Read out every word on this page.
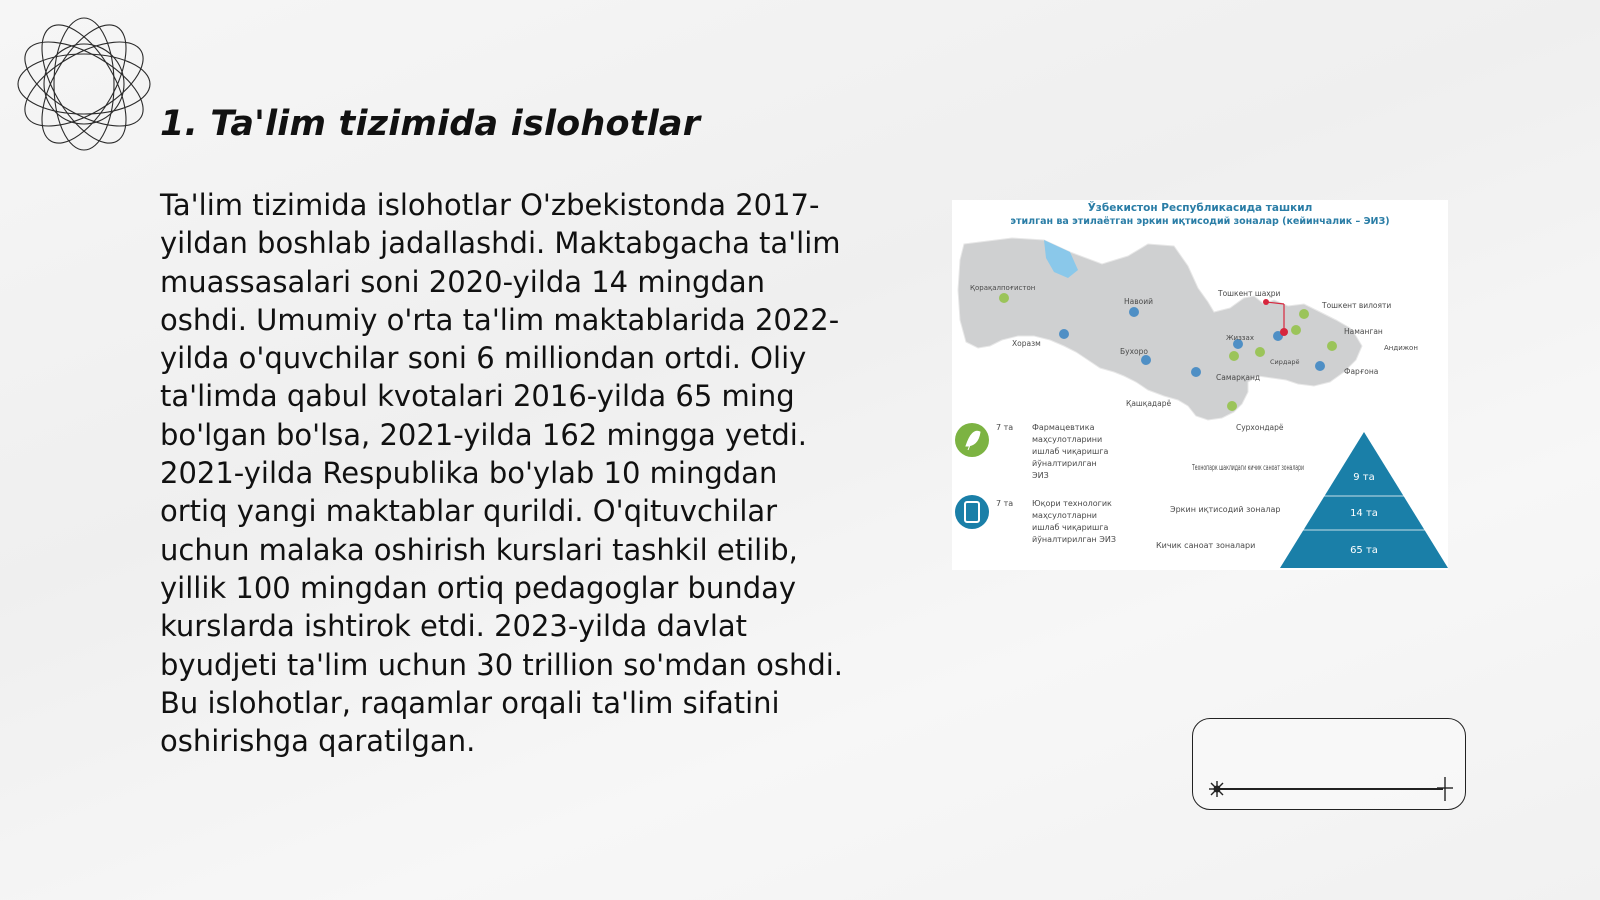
1. Ta'lim tizimida islohotlar

Ta'lim tizimida islohotlar O'zbekistonda 2017-yildan boshlab jadallashdi. Maktabgacha ta'lim muassasalari soni 2020-yilda 14 mingdan oshdi. Umumiy o'rta ta'lim maktablarida 2022-yilda o'quvchilar soni 6 milliondan ortdi. Oliy ta'limda qabul kvotalari 2016-yilda 65 ming bo'lgan bo'lsa, 2021-yilda 162 mingga yetdi. 2021-yilda Respublika bo'ylab 10 mingdan ortiq yangi maktablar qurildi. O'qituvchilar uchun malaka oshirish kurslari tashkil etilib, yillik 100 mingdan ortiq pedagoglar bunday kurslarda ishtirok etdi. 2023-yilda davlat byudjeti ta'lim uchun 30 trillion so'mdan oshdi. Bu islohotlar, raqamlar orqali ta'lim sifatini oshirishga qaratilgan.

Ўзбекистон Республикасида ташкил
этилган ва этилаётган эркин иқтисодий зоналар (кейинчалик – ЭИЗ)
Қорақалпоғистон
Навоий
Хоразм
Бухоро
Тошкент шаҳри
Тошкент вилояти
Наманган
Андижон
Жиззах
Сирдарё
Самарқанд
Фарғона
Қашқадарё
Сурхондарё
7 та Фармацевтика маҳсулотларини ишлаб чиқаришга йўналтирилган ЭИЗ
7 та Юқори технологик маҳсулотларни ишлаб чиқаришга йўналтирилган ЭИЗ
9 та
14 та
65 та
Технопарк шаклидаги кичик саноат зоналари
Эркин иқтисодий зоналар
Кичик саноат зоналари
